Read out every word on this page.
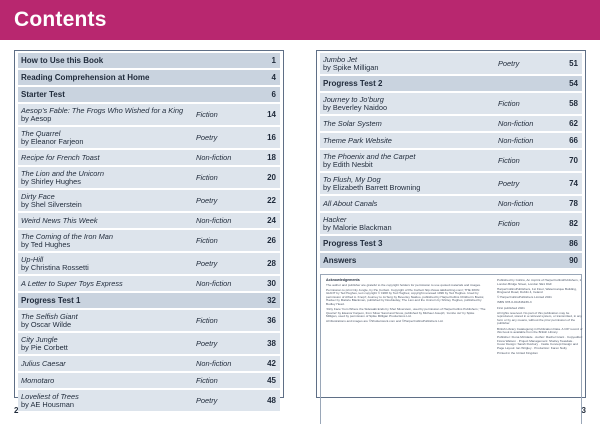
Contents
How to Use this Book	1
Reading Comprehension at Home	4
Starter Test	6
Aesop’s Fable: The Frogs Who Wished for a King
by Aesop	Fiction	14
The Quarrel
by Eleanor Farjeon	Poetry	16
Recipe for French Toast	Non-fiction	18
The Lion and the Unicorn
by Shirley Hughes	Fiction	20
Dirty Face
by Shel Silverstein	Poetry	22
Weird News This Week	Non-fiction	24
The Coming of the Iron Man
by Ted Hughes	Fiction	26
Up-Hill
by Christina Rossetti	Poetry	28
A Letter to Super Toys Express	Non-fiction	30
Progress Test 1	32
The Selfish Giant
by Oscar Wilde	Fiction	36
City Jungle
by Pie Corbett	Poetry	38
Julius Caesar	Non-fiction	42
Momotaro	Fiction	45
Loveliest of Trees
by AE Housman	Poetry	48
Jumbo Jet
by Spike Milligan	Poetry	51
Progress Test 2	54
Journey to Jo’burg
by Beverley Naidoo	Fiction	58
The Solar System	Non-fiction	62
Theme Park Website	Non-fiction	66
The Phoenix and the Carpet
by Edith Nesbit	Fiction	70
To Flush, My Dog
by Elizabeth Barrett Browning	Poetry	74
All About Canals	Non-fiction	78
Hacker
by Malorie Blackman	Fiction	82
Progress Test 3	86
Answers	90
Acknowledgements

The author and publisher are grateful to the copyright holders for permission to use quoted materials and images.

Permission to print City Jungle, by Pie Corbett. Copyright of Pie Corbett http://www.talk4writing.com/; THE IRON GIANT by Ted Hughes, text copyright © 1968 by Ted Hughes; copyright renewed 1996 by Ted Hughes. Used by permission of Alfred A. Knopf; Journey to Jo’burg by Beverley Naidoo, published by HarperCollins Children’s Books; Hacker by Malorie Blackman, published by Doubleday; The Lion and the Unicorn by Shirley Hughes, published by Bodley Head.

‘Dirty Face’ from Where the Sidewalk Ends by Shel Silverstein, used by permission of HarperCollins Publishers; ‘The Quarrel’ by Eleanor Farjeon, from Silver Sand and Snow, published by Michael Joseph; ‘Jumbo Jet’ by Spike Milligan, used by permission of Spike Milligan Productions Ltd.

All illustrations and images are ©Shutterstock.com and ©HarperCollinsPublishers Ltd.

Published by Collins, An imprint of HarperCollinsPublishers, 1 London Bridge Street, London SE1 9GF

HarperCollinsPublishers, 1st Floor, Watermarque Building, Ringsend Road, Dublin 4, Ireland

© HarperCollinsPublishers Limited 2021

ISBN 978-0-00-846236-3

First published 2021

All rights reserved. No part of this publication may be reproduced, stored in a retrieval system, or transmitted, in any form or by any means, without the prior permission of the publisher.

British Library Cataloguing in Publication Data. A CIP record of this book is available from the British Library.

Publisher: Fiona McGlade · Author: Rachel Grant · Copyeditor: Fiona Watson · Project Management: Shelley Teasdale · Cover Design: Sarah Duxbury · Inside Concept Design and Page Layout: Ian Wrigley · Production: Karen Nulty

Printed in the United Kingdom

2	3
